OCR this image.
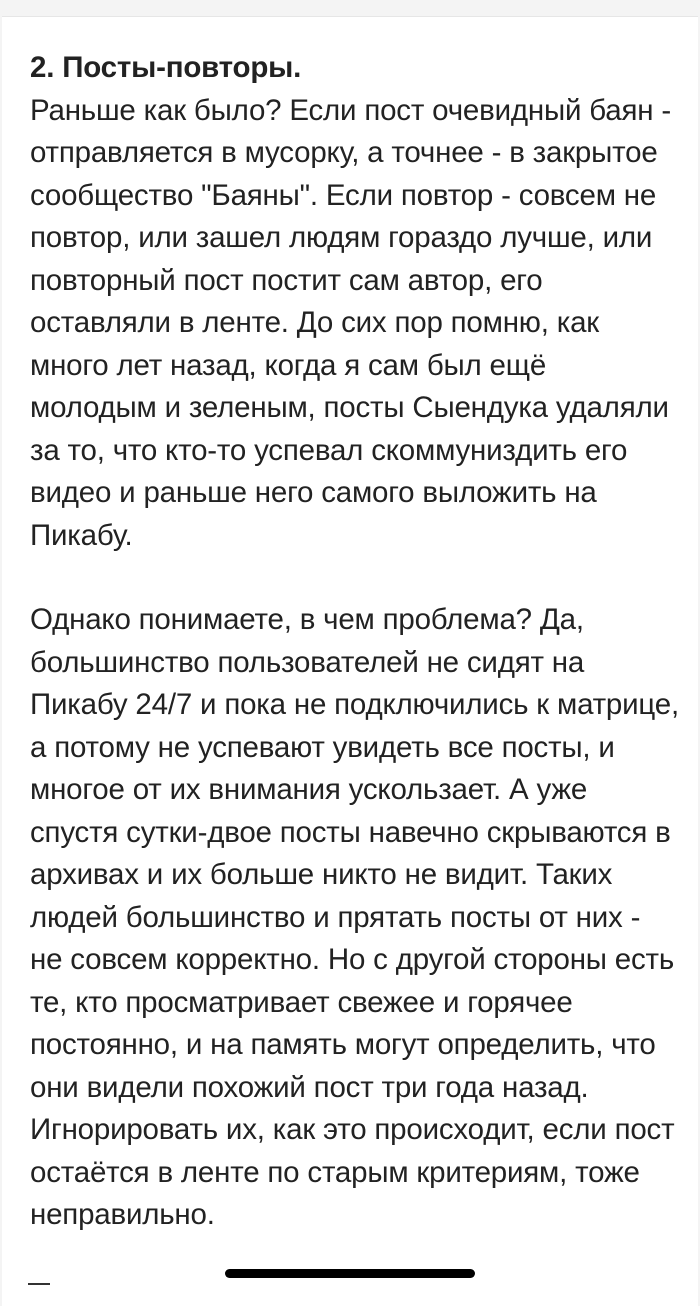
2. Посты-повторы.

Раньше как было? Если пост очевидный баян - отправляется в мусорку, а точнее - в закрытое сообщество "Баяны". Если повтор - совсем не повтор, или зашел людям гораздо лучше, или повторный пост постит сам автор, его оставляли в ленте. До сих пор помню, как много лет назад, когда я сам был ещё молодым и зеленым, посты Сыендука удаляли за то, что кто-то успевал скоммуниздить его видео и раньше него самого выложить на Пикабу.

Однако понимаете, в чем проблема? Да, большинство пользователей не сидят на Пикабу 24/7 и пока не подключились к матрице, а потому не успевают увидеть все посты, и многое от их внимания ускользает. А уже спустя сутки-двое посты навечно скрываются в архивах и их больше никто не видит. Таких людей большинство и прятать посты от них - не совсем корректно. Но с другой стороны есть те, кто просматривает свежее и горячее постоянно, и на память могут определить, что они видели похожий пост три года назад. Игнорировать их, как это происходит, если пост остаётся в ленте по старым критериям, тоже неправильно.
